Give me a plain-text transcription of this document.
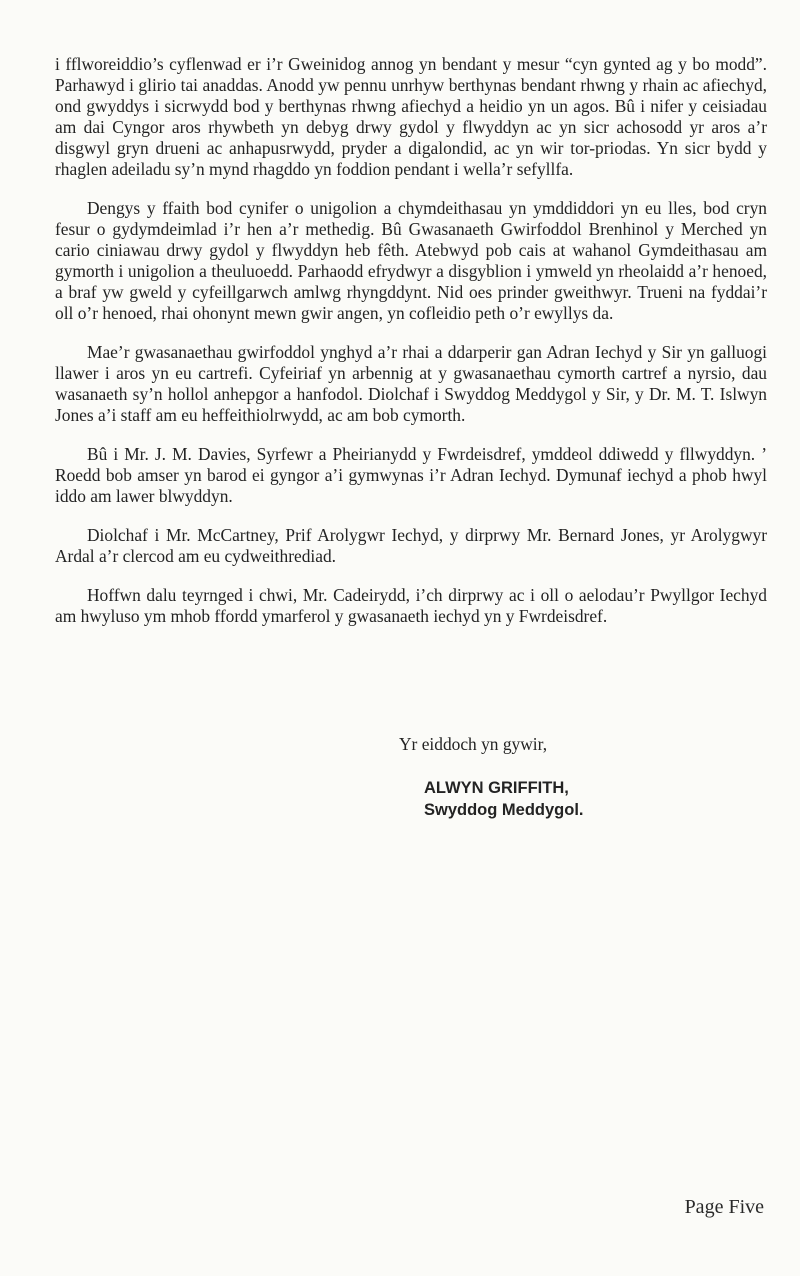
i fflworeiddio’s cyflenwad er i’r Gweinidog annog yn bendant y mesur “cyn gynted ag y bo modd”. Parhawyd i glirio tai anaddas. Anodd yw pennu unrhyw berthynas bendant rhwng y rhain ac afiechyd, ond gwyddys i sicrwydd bod y berthynas rhwng afiechyd a heidio yn un agos. Bû i nifer y ceisiadau am dai Cyngor aros rhywbeth yn debyg drwy gydol y flwyddyn ac yn sicr achosodd yr aros a’r disgwyl gryn drueni ac anhapusrwydd, pryder a digalondid, ac yn wir tor-priodas. Yn sicr bydd y rhaglen adeiladu sy’n mynd rhagddo yn foddion pendant i wella’r sefyllfa.

Dengys y ffaith bod cynifer o unigolion a chymdeithasau yn ymddiddori yn eu lles, bod cryn fesur o gydymdeimlad i’r hen a’r methedig. Bû Gwasanaeth Gwirfoddol Brenhinol y Merched yn cario ciniawau drwy gydol y flwyddyn heb fêth. Atebwyd pob cais at wahanol Gymdeithasau am gymorth i unigolion a theuluoedd. Parhaodd efrydwyr a disgyblion i ymweld yn rheolaidd a’r henoed, a braf yw gweld y cyfeillgarwch amlwg rhyngddynt. Nid oes prinder gweithwyr. Trueni na fyddai’r oll o’r henoed, rhai ohonynt mewn gwir angen, yn cofleidio peth o’r ewyllys da.

Mae’r gwasanaethau gwirfoddol ynghyd a’r rhai a ddarperir gan Adran Iechyd y Sir yn galluogi llawer i aros yn eu cartrefi. Cyfeiriaf yn arbennig at y gwasanaethau cymorth cartref a nyrsio, dau wasanaeth sy’n hollol anhepgor a hanfodol. Diolchaf i Swyddog Meddygol y Sir, y Dr. M. T. Islwyn Jones a’i staff am eu heffeithiolrwydd, ac am bob cymorth.

Bû i Mr. J. M. Davies, Syrfewr a Pheirianydd y Fwrdeisdref, ymddeol ddiwedd y fllwyddyn. ’ Roedd bob amser yn barod ei gyngor a’i gymwynas i’r Adran Iechyd. Dymunaf iechyd a phob hwyl iddo am lawer blwyddyn.

Diolchaf i Mr. McCartney, Prif Arolygwr Iechyd, y dirprwy Mr. Bernard Jones, yr Arolygwyr Ardal a’r clercod am eu cydweithrediad.

Hoffwn dalu teyrnged i chwi, Mr. Cadeirydd, i’ch dirprwy ac i oll o aelodau’r Pwyllgor Iechyd am hwyluso ym mhob ffordd ymarferol y gwasanaeth iechyd yn y Fwrdeisdref.

Yr eiddoch yn gywir,
ALWYN GRIFFITH,
Swyddog Meddygol.
Page Five
